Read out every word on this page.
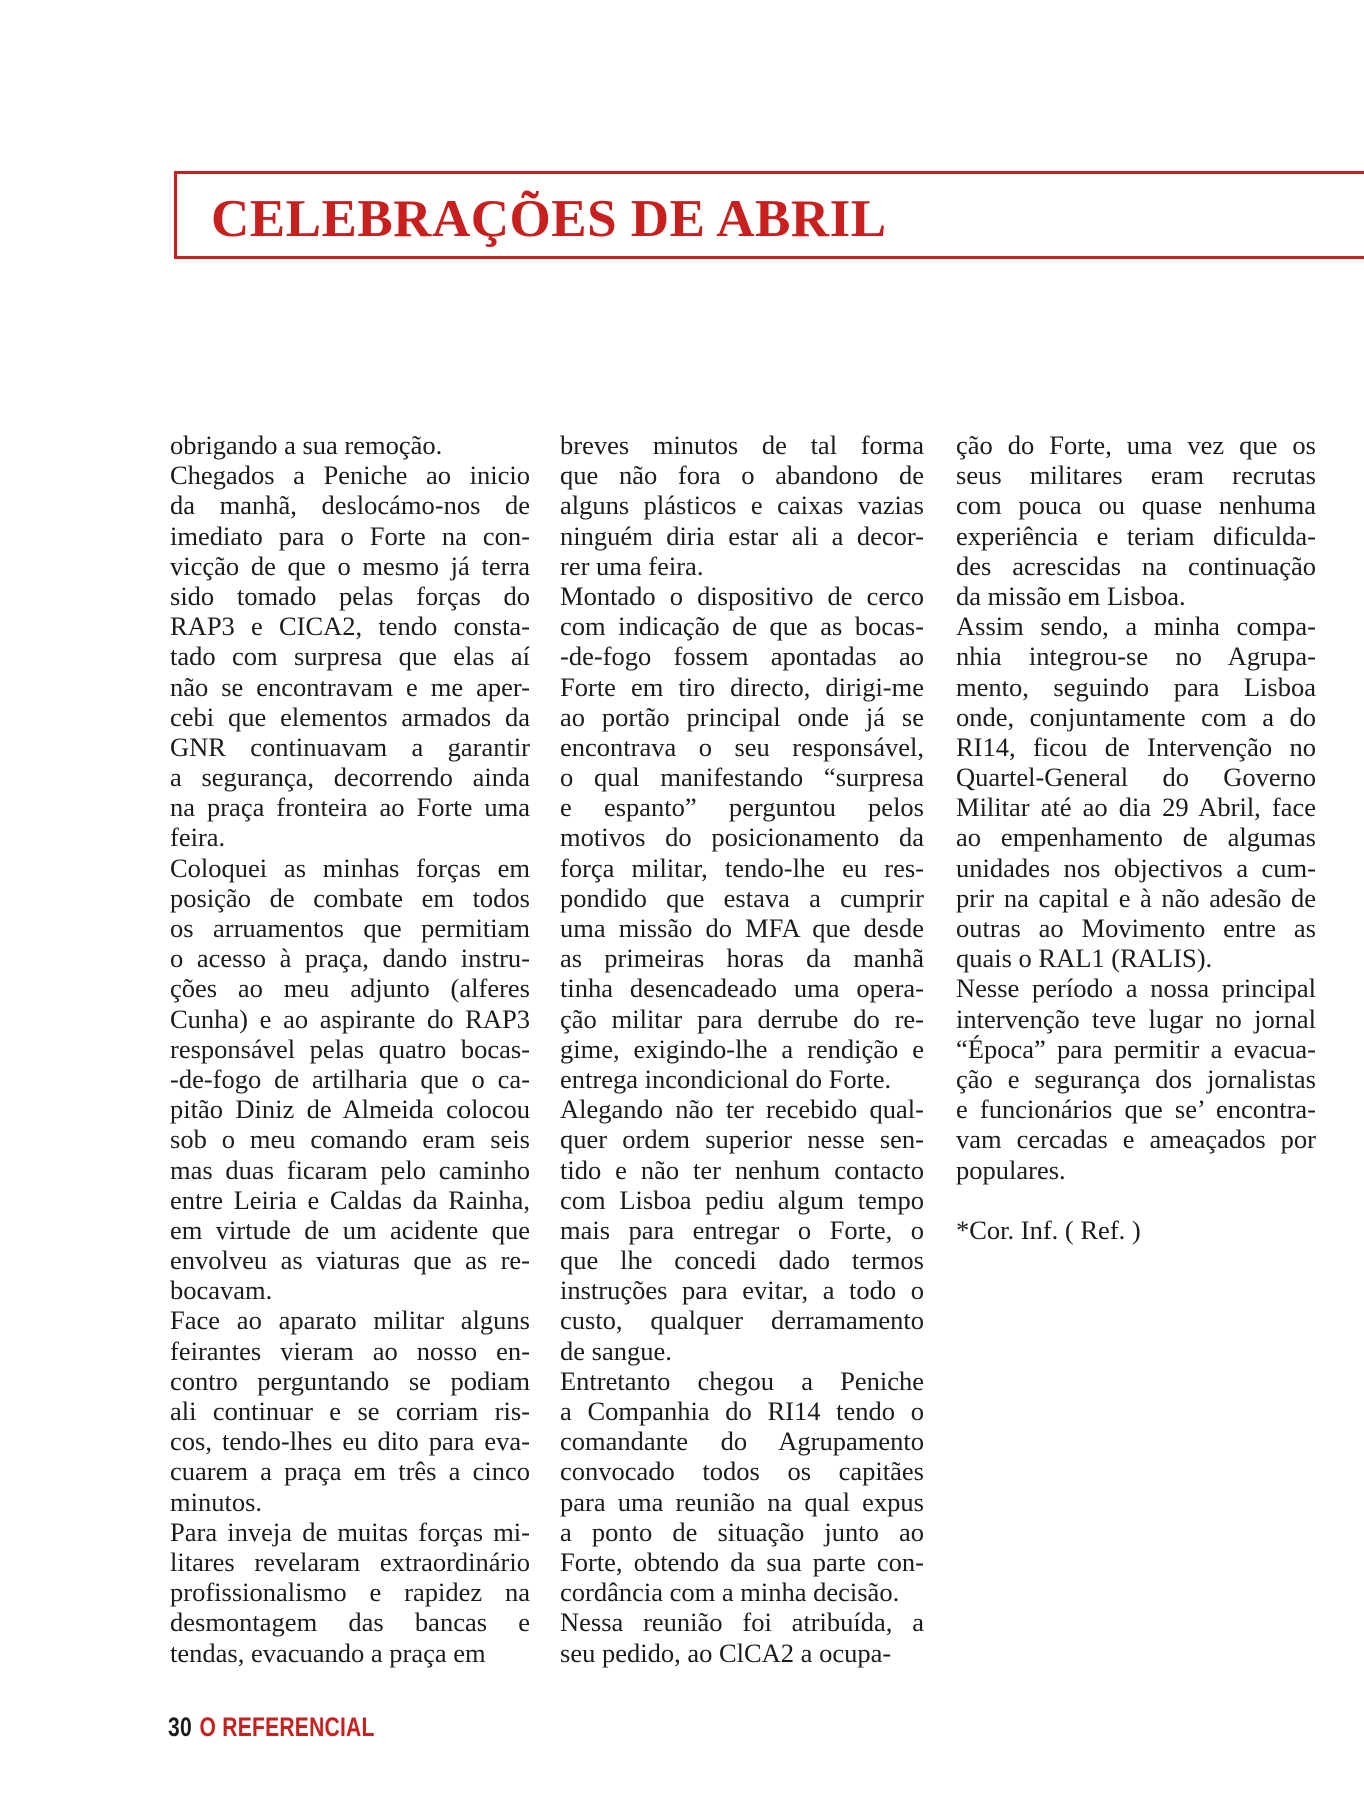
CELEBRAÇÕES DE ABRIL
obrigando a sua remoção.
Chegados a Peniche ao inicio
da manhã, deslocámo-nos de
imediato para o Forte na con-
vicção de que o mesmo já terra
sido tomado pelas forças do
RAP3 e CICA2, tendo consta-
tado com surpresa que elas aí
não se encontravam e me aper-
cebi que elementos armados da
GNR continuavam a garantir
a segurança, decorrendo ainda
na praça fronteira ao Forte uma
feira.
Coloquei as minhas forças em
posição de combate em todos
os arruamentos que permitiam
o acesso à praça, dando instru-
ções ao meu adjunto (alferes
Cunha) e ao aspirante do RAP3
responsável pelas quatro bocas-
-de-fogo de artilharia que o ca-
pitão Diniz de Almeida colocou
sob o meu comando eram seis
mas duas ficaram pelo caminho
entre Leiria e Caldas da Rainha,
em virtude de um acidente que
envolveu as viaturas que as re-
bocavam.
Face ao aparato militar alguns
feirantes vieram ao nosso en-
contro perguntando se podiam
ali continuar e se corriam ris-
cos, tendo-lhes eu dito para eva-
cuarem a praça em três a cinco
minutos.
Para inveja de muitas forças mi-
litares revelaram extraordinário
profissionalismo e rapidez na
desmontagem das bancas e
tendas, evacuando a praça em
breves minutos de tal forma
que não fora o abandono de
alguns plásticos e caixas vazias
ninguém diria estar ali a decor-
rer uma feira.
Montado o dispositivo de cerco
com indicação de que as bocas-
-de-fogo fossem apontadas ao
Forte em tiro directo, dirigi-me
ao portão principal onde já se
encontrava o seu responsável,
o qual manifestando “surpresa
e espanto” perguntou pelos
motivos do posicionamento da
força militar, tendo-lhe eu res-
pondido que estava a cumprir
uma missão do MFA que desde
as primeiras horas da manhã
tinha desencadeado uma opera-
ção militar para derrube do re-
gime, exigindo-lhe a rendição e
entrega incondicional do Forte.
Alegando não ter recebido qual-
quer ordem superior nesse sen-
tido e não ter nenhum contacto
com Lisboa pediu algum tempo
mais para entregar o Forte, o
que lhe concedi dado termos
instruções para evitar, a todo o
custo, qualquer derramamento
de sangue.
Entretanto chegou a Peniche
a Companhia do RI14 tendo o
comandante do Agrupamento
convocado todos os capitães
para uma reunião na qual expus
a ponto de situação junto ao
Forte, obtendo da sua parte con-
cordância com a minha decisão.
Nessa reunião foi atribuída, a
seu pedido, ao ClCA2 a ocupa-
ção do Forte, uma vez que os
seus militares eram recrutas
com pouca ou quase nenhuma
experiência e teriam dificulda-
des acrescidas na continuação
da missão em Lisboa.
Assim sendo, a minha compa-
nhia integrou-se no Agrupa-
mento, seguindo para Lisboa
onde, conjuntamente com a do
RI14, ficou de Intervenção no
Quartel-General do Governo
Militar até ao dia 29 Abril, face
ao empenhamento de algumas
unidades nos objectivos a cum-
prir na capital e à não adesão de
outras ao Movimento entre as
quais o RAL1 (RALIS).
Nesse período a nossa principal
intervenção teve lugar no jornal
“Época” para permitir a evacua-
ção e segurança dos jornalistas
e funcionários que se’ encontra-
vam cercadas e ameaçados por
populares.
*Cor. Inf. ( Ref. )
30 O REFERENCIAL
